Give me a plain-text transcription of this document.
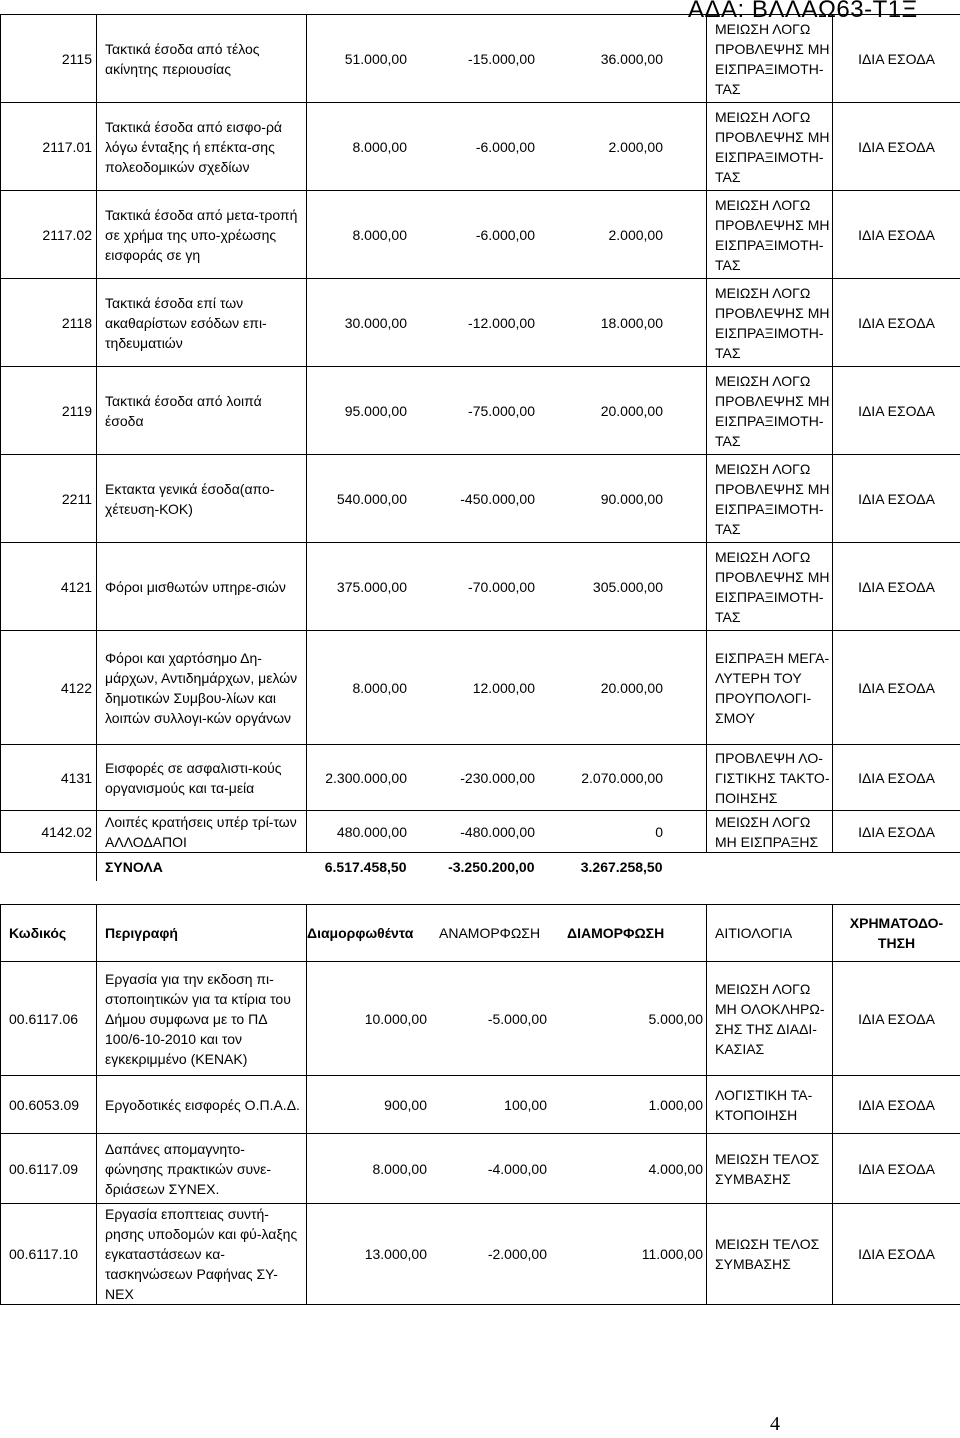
ΑΔΑ: ΒΛΛΑΩ63-Τ1Ξ
2115	Τακτικά έσοδα από τέλος ακίνητης περιουσίας	51.000,00 -15.000,00 36.000,00	ΜΕΙΩΣΗ ΛΟΓΩ ΠΡΟΒΛΕΨΗΣ ΜΗ ΕΙΣΠΡΑΞΙΜΟΤΗ-ΤΑΣ	ΙΔΙΑ ΕΣΟΔΑ
2117.01	Τακτικά έσοδα από εισφο-ρά λόγω ένταξης ή επέκτα-σης πολεοδομικών σχεδίων	8.000,00 -6.000,00 2.000,00	ΜΕΙΩΣΗ ΛΟΓΩ ΠΡΟΒΛΕΨΗΣ ΜΗ ΕΙΣΠΡΑΞΙΜΟΤΗ-ΤΑΣ	ΙΔΙΑ ΕΣΟΔΑ
2117.02	Τακτικά έσοδα από μετα-τροπή σε χρήμα της υπο-χρέωσης εισφοράς σε γη	8.000,00 -6.000,00 2.000,00	ΜΕΙΩΣΗ ΛΟΓΩ ΠΡΟΒΛΕΨΗΣ ΜΗ ΕΙΣΠΡΑΞΙΜΟΤΗ-ΤΑΣ	ΙΔΙΑ ΕΣΟΔΑ
2118	Τακτικά έσοδα επί των ακαθαρίστων εσόδων επι-τηδευματιών	30.000,00 -12.000,00 18.000,00	ΜΕΙΩΣΗ ΛΟΓΩ ΠΡΟΒΛΕΨΗΣ ΜΗ ΕΙΣΠΡΑΞΙΜΟΤΗ-ΤΑΣ	ΙΔΙΑ ΕΣΟΔΑ
2119	Τακτικά έσοδα από λοιπά έσοδα	95.000,00 -75.000,00 20.000,00	ΜΕΙΩΣΗ ΛΟΓΩ ΠΡΟΒΛΕΨΗΣ ΜΗ ΕΙΣΠΡΑΞΙΜΟΤΗ-ΤΑΣ	ΙΔΙΑ ΕΣΟΔΑ
2211	Εκτακτα γενικά έσοδα(απο-χέτευση-ΚΟΚ)	540.000,00 -450.000,00 90.000,00	ΜΕΙΩΣΗ ΛΟΓΩ ΠΡΟΒΛΕΨΗΣ ΜΗ ΕΙΣΠΡΑΞΙΜΟΤΗ-ΤΑΣ	ΙΔΙΑ ΕΣΟΔΑ
4121	Φόροι μισθωτών υπηρε-σιών	375.000,00 -70.000,00 305.000,00	ΜΕΙΩΣΗ ΛΟΓΩ ΠΡΟΒΛΕΨΗΣ ΜΗ ΕΙΣΠΡΑΞΙΜΟΤΗ-ΤΑΣ	ΙΔΙΑ ΕΣΟΔΑ
4122	Φόροι και χαρτόσημο Δη-μάρχων, Αντιδημάρχων, μελών δημοτικών Συμβου-λίων και λοιπών συλλογι-κών οργάνων	8.000,00 12.000,00 20.000,00	ΕΙΣΠΡΑΞΗ ΜΕΓΑ-ΛΥΤΕΡΗ ΤΟΥ ΠΡΟΥΠΟΛΟΓΙ-ΣΜΟΥ	ΙΔΙΑ ΕΣΟΔΑ
4131	Εισφορές σε ασφαλιστι-κούς οργανισμούς και τα-μεία	2.300.000,00 -230.000,00 2.070.000,00	ΠΡΟΒΛΕΨΗ ΛΟ-ΓΙΣΤΙΚΗΣ ΤΑΚΤΟ-ΠΟΙΗΣΗΣ	ΙΔΙΑ ΕΣΟΔΑ
4142.02	Λοιπές κρατήσεις υπέρ τρί-των ΑΛΛΟΔΑΠΟΙ	480.000,00 -480.000,00 0	ΜΕΙΩΣΗ ΛΟΓΩ ΜΗ ΕΙΣΠΡΑΞΗΣ	ΙΔΙΑ ΕΣΟΔΑ
	ΣΥΝΟΛΑ	6.517.458,50 -3.250.200,00 3.267.258,50		
Κωδικός	Περιγραφή	Διαμορφωθέντα ΑΝΑΜΟΡΦΩΣΗ ΔΙΑΜΟΡΦΩΣΗ	ΑΙΤΙΟΛΟΓΙΑ	ΧΡΗΜΑΤΟΔΟ-ΤΗΣΗ
00.6117.06	Εργασία για την εκδοση πι-στοποιητικών για τα κτίρια του Δήμου συμφωνα με το ΠΔ 100/6-10-2010 και τον εγκεκριμμένο (ΚΕΝΑΚ)	10.000,00 -5.000,00 5.000,00	ΜΕΙΩΣΗ ΛΟΓΩ ΜΗ ΟΛΟΚΛΗΡΩ-ΣΗΣ ΤΗΣ ΔΙΑΔΙ-ΚΑΣΙΑΣ	ΙΔΙΑ ΕΣΟΔΑ
00.6053.09	Εργοδοτικές εισφορές Ο.Π.Α.Δ.	900,00 100,00 1.000,00	ΛΟΓΙΣΤΙΚΗ ΤΑ-ΚΤΟΠΟΙΗΣΗ	ΙΔΙΑ ΕΣΟΔΑ
00.6117.09	Δαπάνες απομαγνητο-φώνησης πρακτικών συνε-δριάσεων ΣΥΝΕΧ.	8.000,00 -4.000,00 4.000,00	ΜΕΙΩΣΗ ΤΕΛΟΣ ΣΥΜΒΑΣΗΣ	ΙΔΙΑ ΕΣΟΔΑ
00.6117.10	Εργασία εποπτειας συντή-ρησης υποδομών και φύ-λαξης εγκαταστάσεων κα-τασκηνώσεων Ραφήνας ΣΥ-ΝΕΧ	13.000,00 -2.000,00 11.000,00	ΜΕΙΩΣΗ ΤΕΛΟΣ ΣΥΜΒΑΣΗΣ	ΙΔΙΑ ΕΣΟΔΑ
4
